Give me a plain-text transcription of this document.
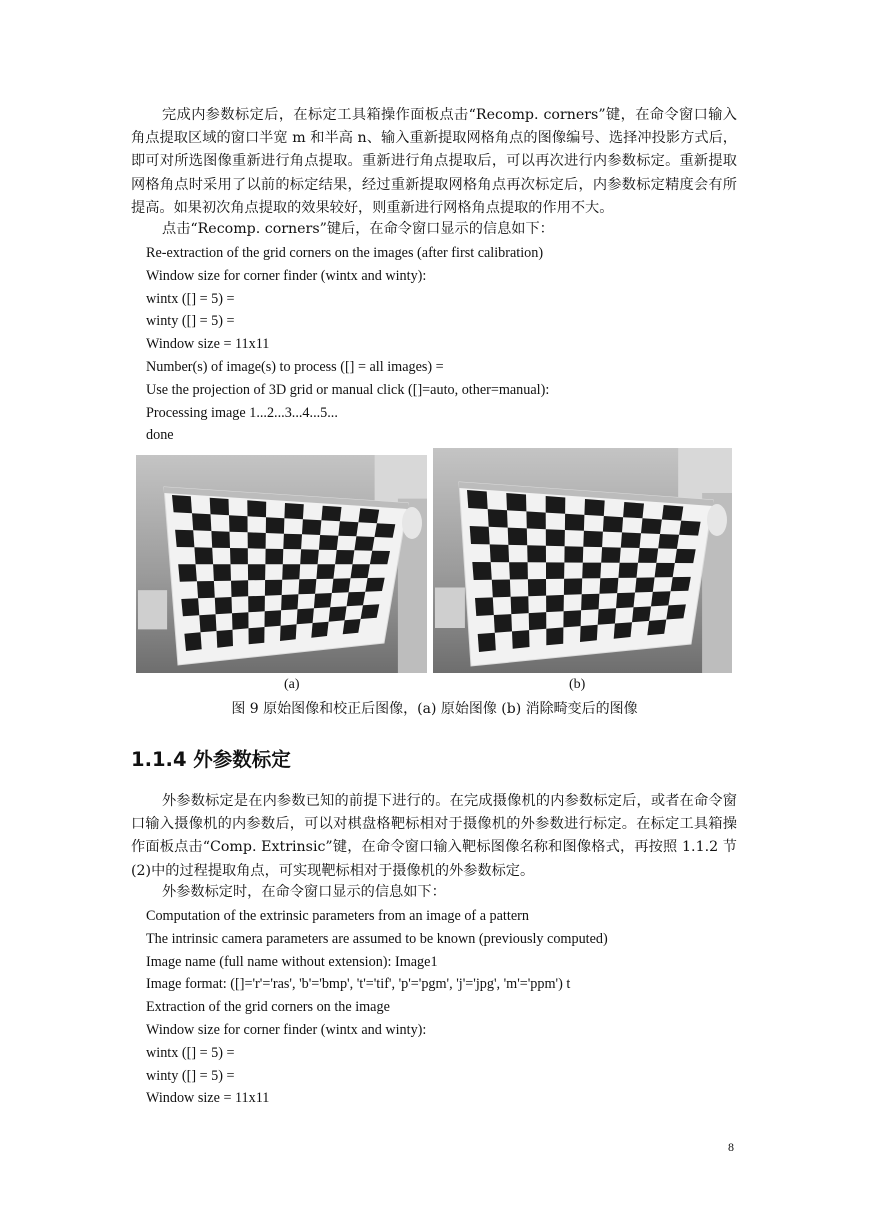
完成内参数标定后，在标定工具箱操作面板点击“Recomp. corners”键，在命令窗口输入角点提取区域的窗口半宽 m 和半高 n、输入重新提取网格角点的图像编号、选择冲投影方式后，即可对所选图像重新进行角点提取。重新进行角点提取后，可以再次进行内参数标定。重新提取网格角点时采用了以前的标定结果，经过重新提取网格角点再次标定后，内参数标定精度会有所提高。如果初次角点提取的效果较好，则重新进行网格角点提取的作用不大。

点击“Recomp. corners”键后，在命令窗口显示的信息如下：

Re-extraction of the grid corners on the images (after first calibration)
Window size for corner finder (wintx and winty):
wintx ([] = 5) =
winty ([] = 5) =
Window size = 11x11
Number(s) of image(s) to process ([] = all images) =
Use the projection of 3D grid or manual click ([]=auto, other=manual):
Processing image 1...2...3...4...5...
done
(a)	(b)
图 9 原始图像和校正后图像，(a) 原始图像 (b) 消除畸变后的图像
1.1.4 外参数标定

外参数标定是在内参数已知的前提下进行的。在完成摄像机的内参数标定后，或者在命令窗口输入摄像机的内参数后，可以对棋盘格靶标相对于摄像机的外参数进行标定。在标定工具箱操作面板点击“Comp. Extrinsic”键，在命令窗口输入靶标图像名称和图像格式，再按照 1.1.2 节(2)中的过程提取角点，可实现靶标相对于摄像机的外参数标定。

外参数标定时，在命令窗口显示的信息如下：

Computation of the extrinsic parameters from an image of a pattern
The intrinsic camera parameters are assumed to be known (previously computed)
Image name (full name without extension): Image1
Image format: ([]='r'='ras', 'b'='bmp', 't'='tif', 'p'='pgm', 'j'='jpg', 'm'='ppm') t
Extraction of the grid corners on the image
Window size for corner finder (wintx and winty):
wintx ([] = 5) =
winty ([] = 5) =
Window size = 11x11
8
